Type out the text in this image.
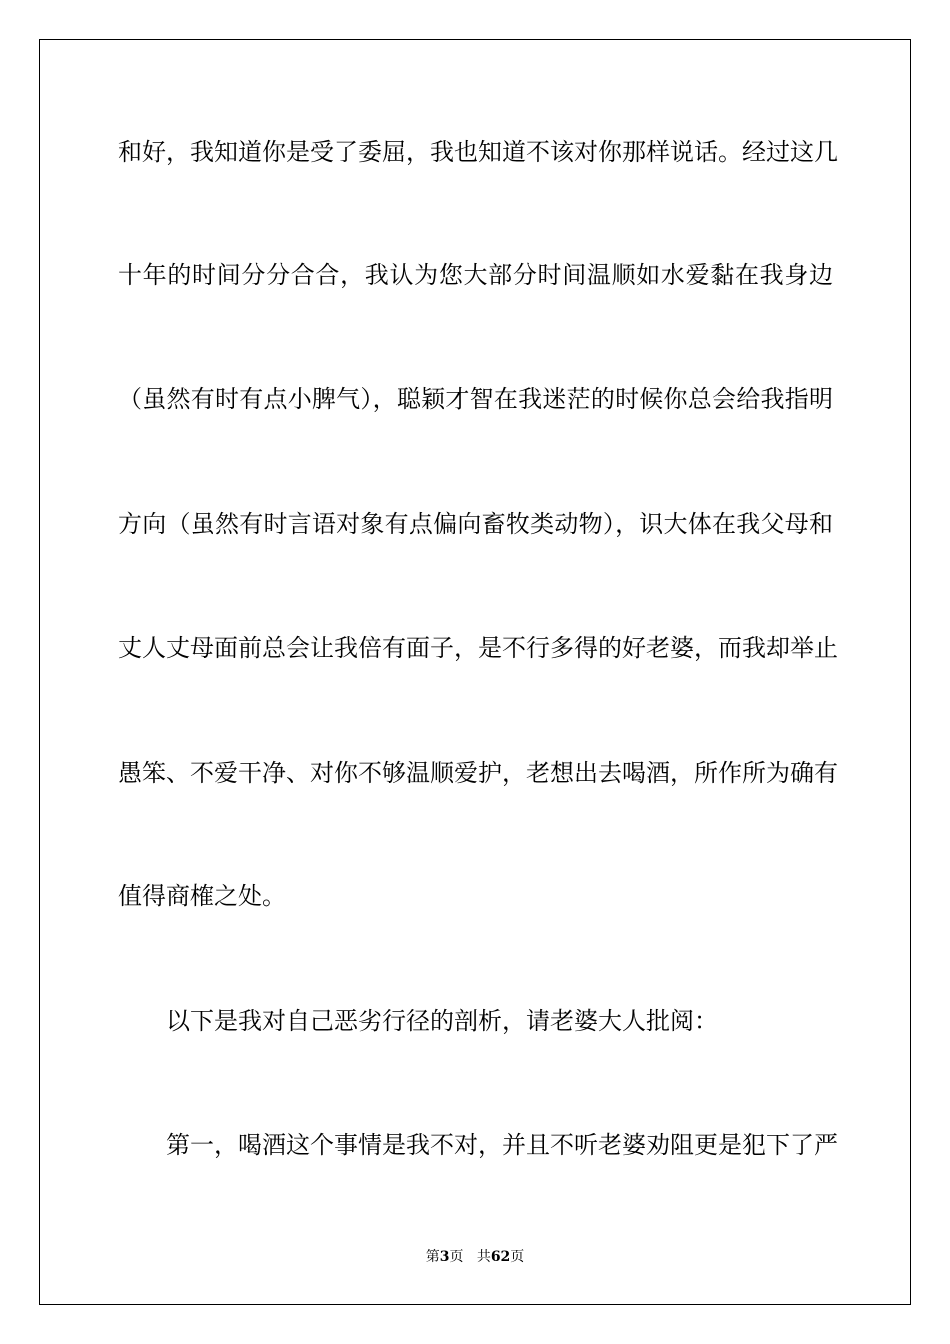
和好，我知道你是受了委屈，我也知道不该对你那样说话。经过这几
十年的时间分分合合，我认为您大部分时间温顺如水爱黏在我身边
（虽然有时有点小脾气），聪颖才智在我迷茫的时候你总会给我指明
方向（虽然有时言语对象有点偏向畜牧类动物），识大体在我父母和
丈人丈母面前总会让我倍有面子，是不行多得的好老婆，而我却举止
愚笨、不爱干净、对你不够温顺爱护，老想出去喝酒，所作所为确有
值得商榷之处。
以下是我对自己恶劣行径的剖析，请老婆大人批阅：
第一，喝酒这个事情是我不对，并且不听老婆劝阻更是犯下了严
第3页 共62页
